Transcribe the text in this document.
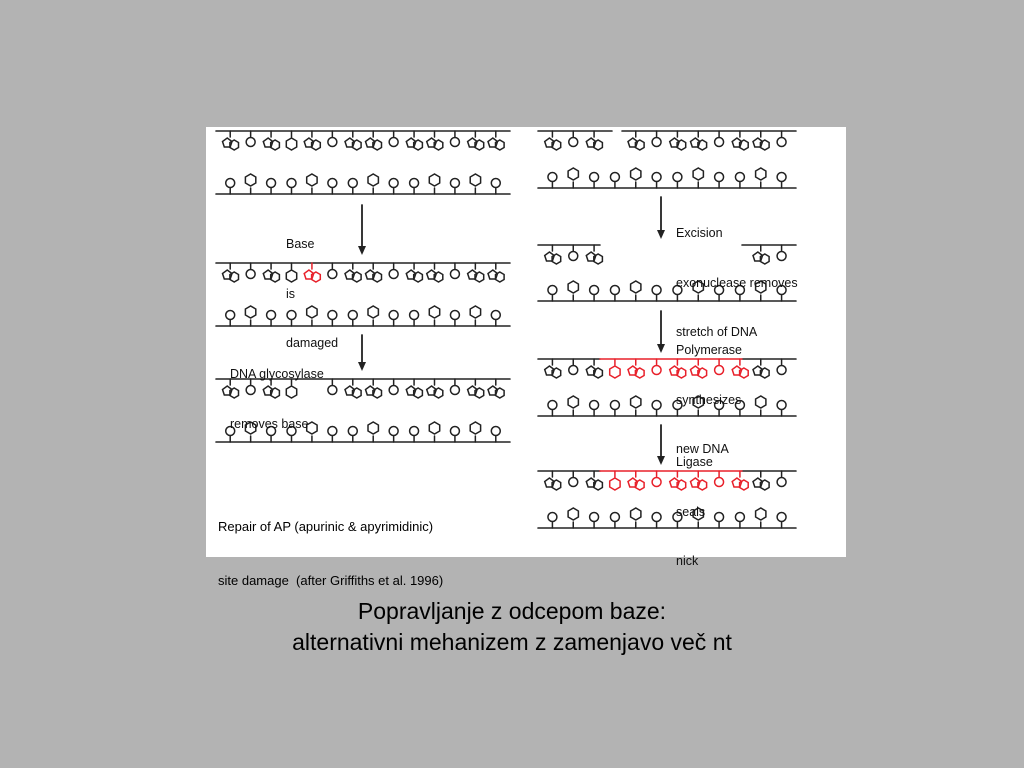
Base

is

damaged

DNA glycosylase

removes base

Excision

exonuclease removes

stretch of DNA

Polymerase

synthesizes

new DNA

Ligase

seals

nick

Repair of AP (apurinic & apyrimidinic)

site damage  (after Griffiths et al. 1996)

Popravljanje z odcepom baze:
alternativni mehanizem z zamenjavo več nt
